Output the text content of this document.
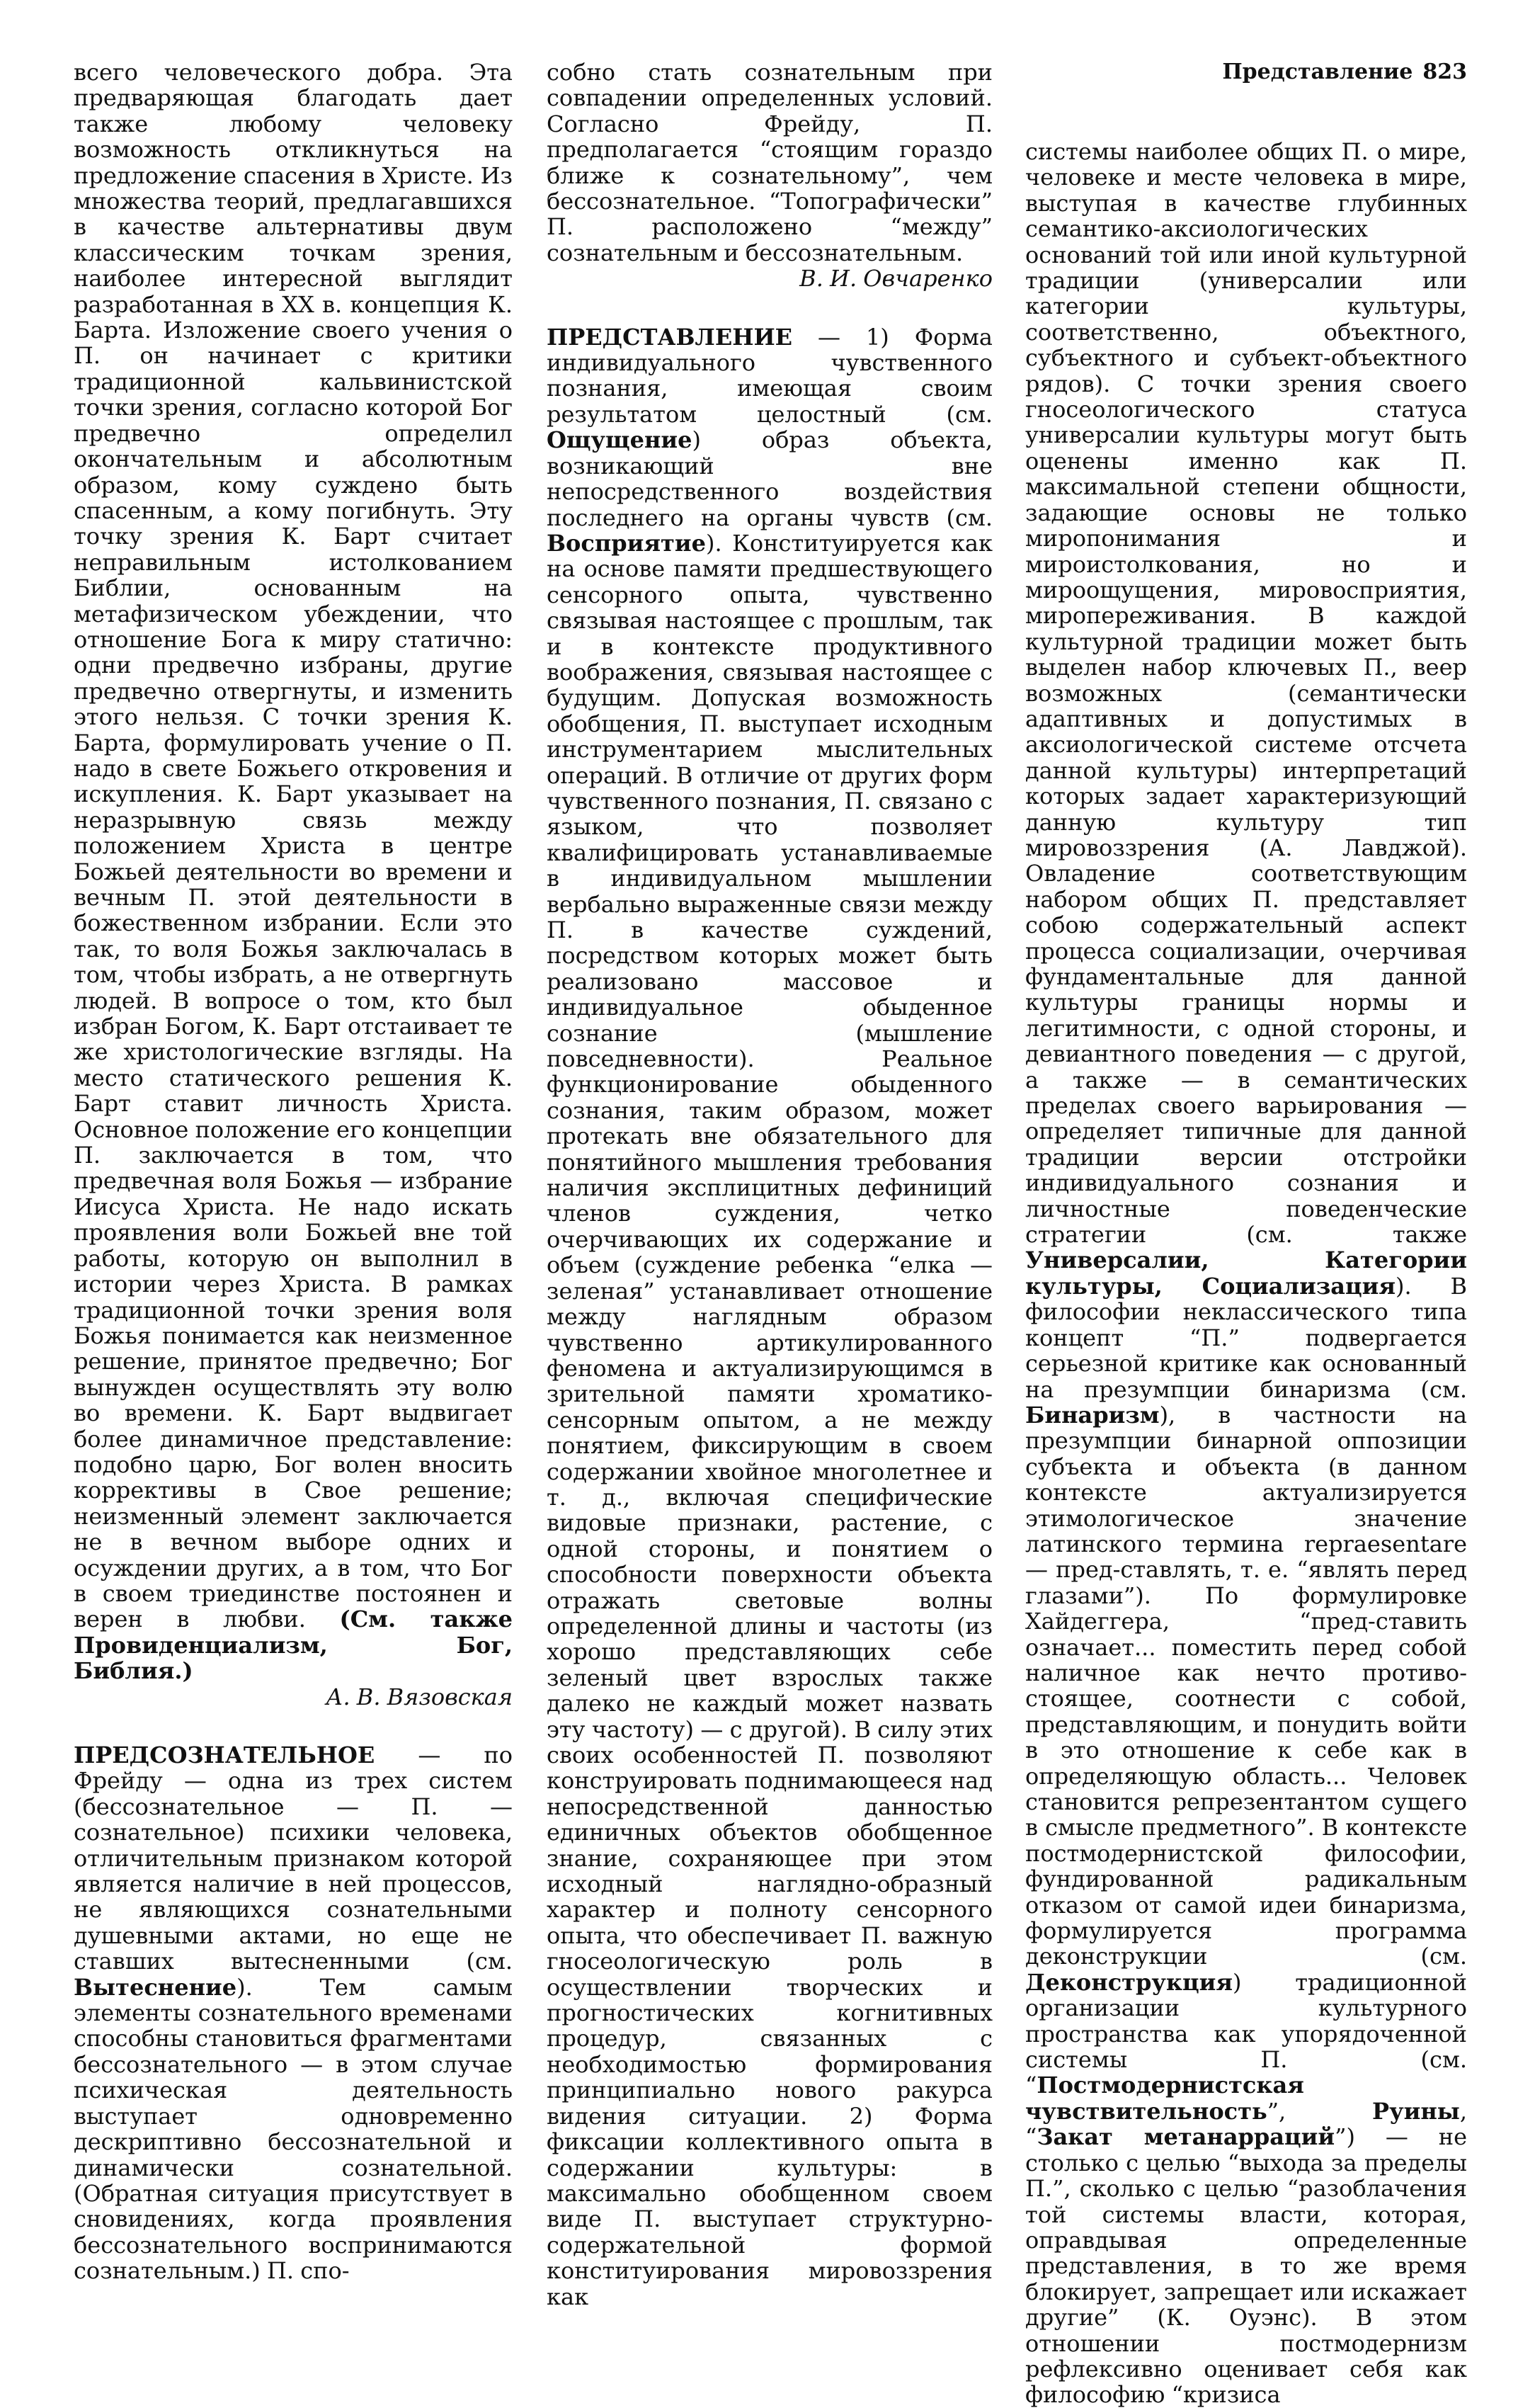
Представление 823

всего человеческого добра. Эта предваряющая благодать дает также любому человеку возможность откликнуться на предложение спасения в Христе. Из множества теорий, предлагавшихся в качестве альтернативы двум классическим точкам зрения, наиболее интересной выглядит разработанная в XX в. концепция К. Барта. Изложение своего учения о П. он начинает с критики традиционной кальвинистской точки зрения, согласно которой Бог предвечно определил окончательным и абсолютным образом, кому суждено быть спасенным, а кому погибнуть. Эту точку зрения К. Барт считает неправильным истолкованием Библии, основанным на метафизическом убеждении, что отношение Бога к миру статично: одни предвечно избраны, другие предвечно отвергнуты, и изменить этого нельзя. С точки зрения К. Барта, формулировать учение о П. надо в свете Божьего откровения и искупления. К. Барт указывает на неразрывную связь между положением Христа в центре Божьей деятельности во времени и вечным П. этой деятельности в божественном избрании. Если это так, то воля Божья заключалась в том, чтобы избрать, а не отвергнуть людей. В вопросе о том, кто был избран Богом, К. Барт отстаивает те же христологические взгляды. На место статического решения К. Барт ставит личность Христа. Основное положение его концепции П. заключается в том, что предвечная воля Божья — избрание Иисуса Христа. Не надо искать проявления воли Божьей вне той работы, которую он выполнил в истории через Христа. В рамках традиционной точки зрения воля Божья понимается как неизменное решение, принятое предвечно; Бог вынужден осуществлять эту волю во времени. К. Барт выдвигает более динамичное представление: подобно царю, Бог волен вносить коррективы в Свое решение; неизменный элемент заключается не в вечном выборе одних и осуждении других, а в том, что Бог в своем триединстве постоянен и верен в любви. (См. также Провиденциализм, Бог, Библия.)

А. В. Вязовская

ПРЕДСОЗНАТЕЛЬНОЕ — по Фрейду — одна из трех систем (бессознательное — П. — сознательное) психики человека, отличительным признаком которой является наличие в ней процессов, не являющихся сознательными душевными актами, но еще не ставших вытесненными (см. Вытеснение). Тем самым элементы сознательного временами способны становиться фрагментами бессознательного — в этом случае психическая деятельность выступает одновременно дескриптивно бессознательной и динамически сознательной. (Обратная ситуация присутствует в сновидениях, когда проявления бессознательного воспринимаются сознательным.) П. спо-

собно стать сознательным при совпадении определенных условий. Согласно Фрейду, П. предполагается “стоящим гораздо ближе к сознательному”, чем бессознательное. “Топографически” П. расположено “между” сознательным и бессознательным.

В. И. Овчаренко

ПРЕДСТАВЛЕНИЕ — 1) Форма индивидуального чувственного познания, имеющая своим результатом целостный (см. Ощущение) образ объекта, возникающий вне непосредственного воздействия последнего на органы чувств (см. Восприятие). Конституируется как на основе памяти предшествующего сенсорного опыта, чувственно связывая настоящее с прошлым, так и в контексте продуктивного воображения, связывая настоящее с будущим. Допуская возможность обобщения, П. выступает исходным инструментарием мыслительных операций. В отличие от других форм чувственного познания, П. связано с языком, что позволяет квалифицировать устанавливаемые в индивидуальном мышлении вербально выраженные связи между П. в качестве суждений, посредством которых может быть реализовано массовое и индивидуальное обыденное сознание (мышление повседневности). Реальное функционирование обыденного сознания, таким образом, может протекать вне обязательного для понятийного мышления требования наличия эксплицитных дефиниций членов суждения, четко очерчивающих их содержание и объем (суждение ребенка “елка — зеленая” устанавливает отношение между наглядным образом чувственно артикулированного феномена и актуализирующимся в зрительной памяти хроматико-сенсорным опытом, а не между понятием, фиксирующим в своем содержании хвойное многолетнее и т. д., включая специфические видовые признаки, растение, с одной стороны, и понятием о способности поверхности объекта отражать световые волны определенной длины и частоты (из хорошо представляющих себе зеленый цвет взрослых также далеко не каждый может назвать эту частоту) — с другой). В силу этих своих особенностей П. позволяют конструировать поднимающееся над непосредственной данностью единичных объектов обобщенное знание, сохраняющее при этом исходный наглядно-образный характер и полноту сенсорного опыта, что обеспечивает П. важную гносеологическую роль в осуществлении творческих и прогностических когнитивных процедур, связанных с необходимостью формирования принципиально нового ракурса видения ситуации. 2) Форма фиксации коллективного опыта в содержании культуры: в максимально обобщенном своем виде П. выступает структурно-содержательной формой конституирования мировоззрения как

системы наиболее общих П. о мире, человеке и месте человека в мире, выступая в качестве глубинных семантико-аксиологических оснований той или иной культурной традиции (универсалии или категории культуры, соответственно, объектного, субъектного и субъект-объектного рядов). С точки зрения своего гносеологического статуса универсалии культуры могут быть оценены именно как П. максимальной степени общности, задающие основы не только миропонимания и мироистолкования, но и мироощущения, мировосприятия, миропереживания. В каждой культурной традиции может быть выделен набор ключевых П., веер возможных (семантически адаптивных и допустимых в аксиологической системе отсчета данной культуры) интерпретаций которых задает характеризующий данную культуру тип мировоззрения (А. Лавджой). Овладение соответствующим набором общих П. представляет собою содержательный аспект процесса социализации, очерчивая фундаментальные для данной культуры границы нормы и легитимности, с одной стороны, и девиантного поведения — с другой, а также — в семантических пределах своего варьирования — определяет типичные для данной традиции версии отстройки индивидуального сознания и личностные поведенческие стратегии (см. также Универсалии, Категории культуры, Социализация). В философии неклассического типа концепт “П.” подвергается серьезной критике как основанный на презумпции бинаризма (см. Бинаризм), в частности на презумпции бинарной оппозиции субъекта и объекта (в данном контексте актуализируется этимологическое значение латинского термина repraesentare — пред-ставлять, т. е. “являть перед глазами”). По формулировке Хайдеггера, “пред-ставить означает... поместить перед собой наличное как нечто противо-стоящее, соотнести с собой, представляющим, и понудить войти в это отношение к себе как в определяющую область... Человек становится репрезентантом сущего в смысле предметного”. В контексте постмодернистской философии, фундированной радикальным отказом от самой идеи бинаризма, формулируется программа деконструкции (см. Деконструкция) традиционной организации культурного пространства как упорядоченной системы П. (см. “Постмодернистская чувствительность”, Руины, “Закат метанарраций”) — не столько с целью “выхода за пределы П.”, сколько с целью “разоблачения той системы власти, которая, оправдывая определенные представления, в то же время блокирует, запрещает или искажает другие” (К. Оуэнс). В этом отношении постмодернизм рефлексивно оценивает себя как философию “кризиса
